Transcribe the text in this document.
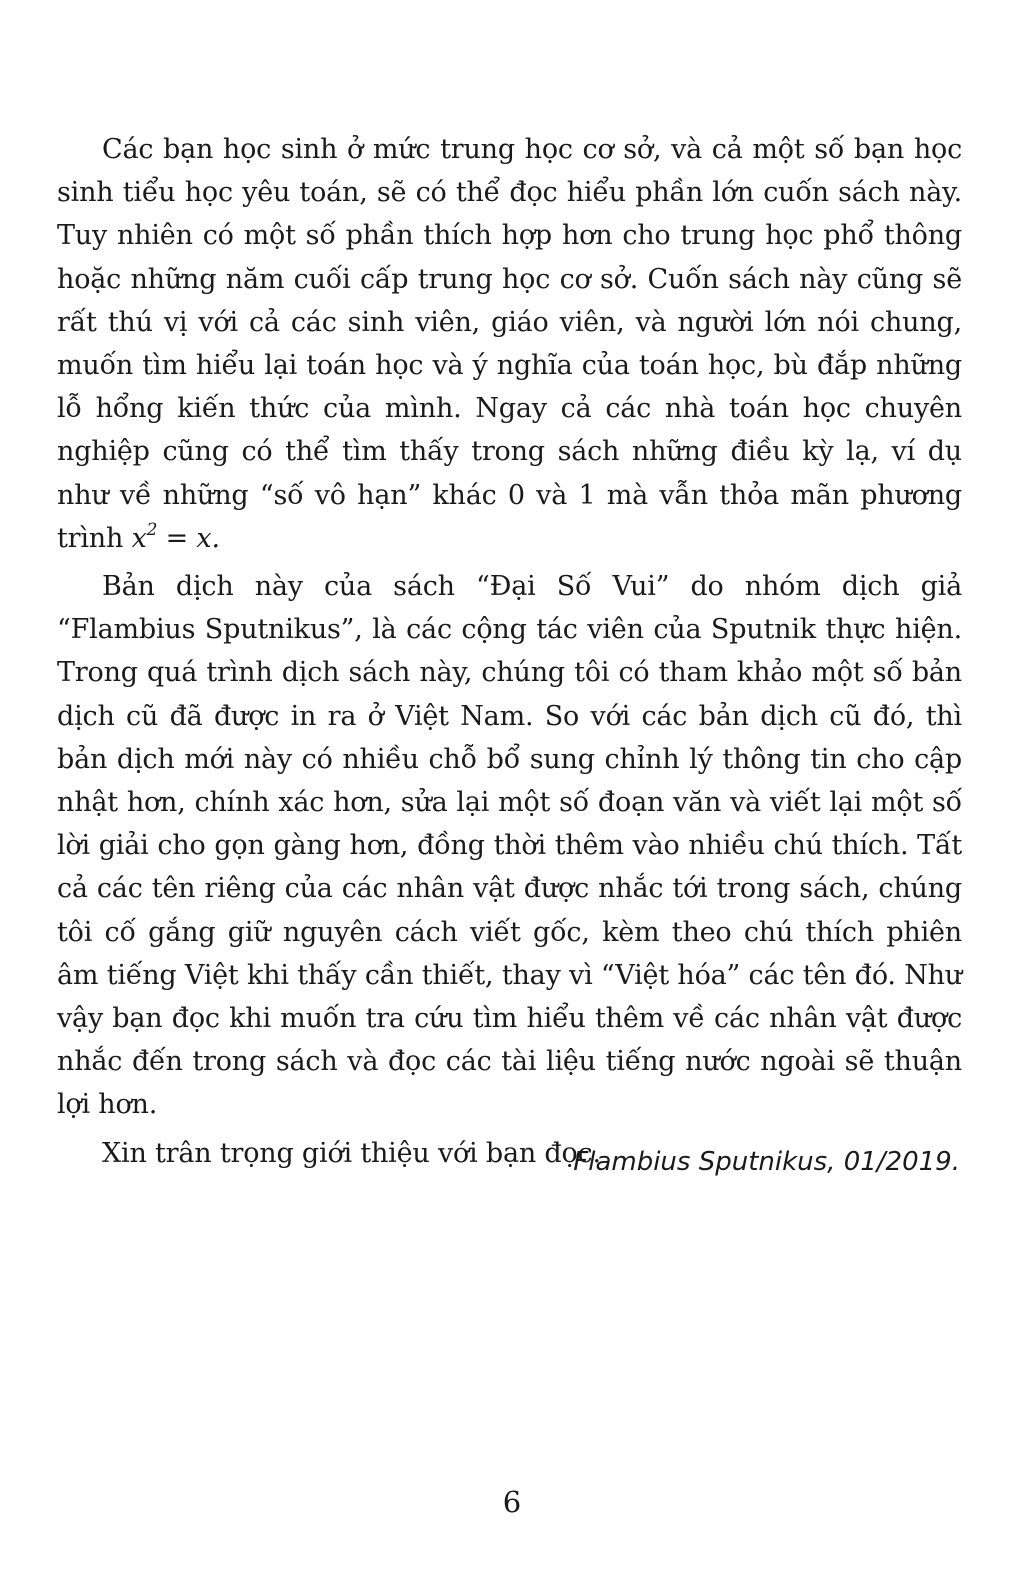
Các bạn học sinh ở mức trung học cơ sở, và cả một số bạn học sinh tiểu học yêu toán, sẽ có thể đọc hiểu phần lớn cuốn sách này. Tuy nhiên có một số phần thích hợp hơn cho trung học phổ thông hoặc những năm cuối cấp trung học cơ sở. Cuốn sách này cũng sẽ rất thú vị với cả các sinh viên, giáo viên, và người lớn nói chung, muốn tìm hiểu lại toán học và ý nghĩa của toán học, bù đắp những lỗ hổng kiến thức của mình. Ngay cả các nhà toán học chuyên nghiệp cũng có thể tìm thấy trong sách những điều kỳ lạ, ví dụ như về những “số vô hạn” khác 0 và 1 mà vẫn thỏa mãn phương trình $x^2 = x$.

Bản dịch này của sách “Đại Số Vui” do nhóm dịch giả “Flambius Sputnikus”, là các cộng tác viên của Sputnik thực hiện. Trong quá trình dịch sách này, chúng tôi có tham khảo một số bản dịch cũ đã được in ra ở Việt Nam. So với các bản dịch cũ đó, thì bản dịch mới này có nhiều chỗ bổ sung chỉnh lý thông tin cho cập nhật hơn, chính xác hơn, sửa lại một số đoạn văn và viết lại một số lời giải cho gọn gàng hơn, đồng thời thêm vào nhiều chú thích. Tất cả các tên riêng của các nhân vật được nhắc tới trong sách, chúng tôi cố gắng giữ nguyên cách viết gốc, kèm theo chú thích phiên âm tiếng Việt khi thấy cần thiết, thay vì “Việt hóa” các tên đó. Như vậy bạn đọc khi muốn tra cứu tìm hiểu thêm về các nhân vật được nhắc đến trong sách và đọc các tài liệu tiếng nước ngoài sẽ thuận lợi hơn.

Xin trân trọng giới thiệu với bạn đọc.

Flambius Sputnikus, 01/2019.
6
